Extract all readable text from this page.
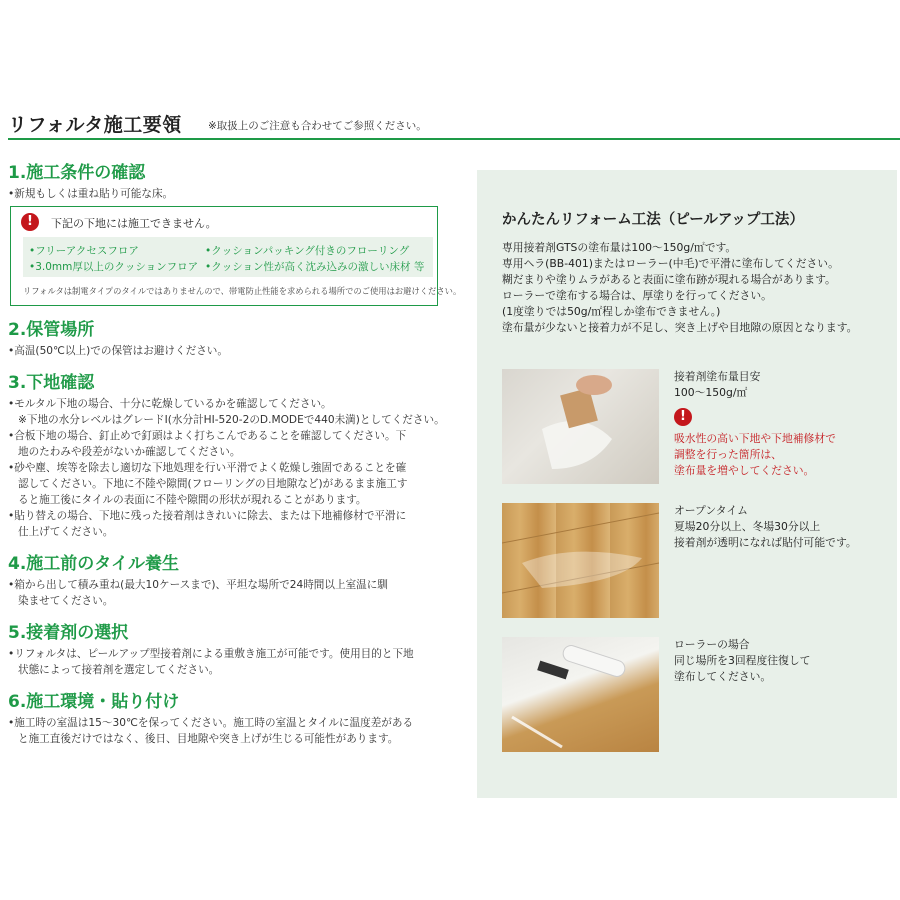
リフォルタ施工要領 ※取扱上のご注意も合わせてご参照ください。
1.施工条件の確認
•新規もしくは重ね貼り可能な床。
!	下記の下地には施工できません。
•フリーアクセスフロア	•クッションパッキング付きのフローリング
•3.0mm厚以上のクッションフロア •クッション性が高く沈み込みの激しい床材 等
リフォルタは制電タイプのタイルではありませんので、帯電防止性能を求められる場所でのご使用はお避けください。
2.保管場所
•高温(50℃以上)での保管はお避けください。
3.下地確認
•モルタル下地の場合、十分に乾燥しているかを確認してください。
※下地の水分レベルはグレードⅠ(水分計HI-520-2のD.MODEで440未満)としてください。
•合板下地の場合、釘止めで釘頭はよく打ちこんであることを確認してください。下
地のたわみや段差がないか確認してください。
•砂や塵、埃等を除去し適切な下地処理を行い平滑でよく乾燥し強固であることを確
認してください。下地に不陸や隙間(フローリングの目地隙など)があるまま施工す
ると施工後にタイルの表面に不陸や隙間の形状が現れることがあります。
•貼り替えの場合、下地に残った接着剤はきれいに除去、または下地補修材で平滑に
仕上げてください。
4.施工前のタイル養生
•箱から出して積み重ね(最大10ケースまで)、平坦な場所で24時間以上室温に馴
染ませてください。
5.接着剤の選択
•リフォルタは、ピールアップ型接着剤による重敷き施工が可能です。使用目的と下地
状態によって接着剤を選定してください。
6.施工環境・貼り付け
•施工時の室温は15～30℃を保ってください。施工時の室温とタイルに温度差がある
と施工直後だけではなく、後日、目地隙や突き上げが生じる可能性があります。
かんたんリフォーム工法（ピールアップ工法）
専用接着剤GTSの塗布量は100～150g/㎡です。
専用ヘラ(BB-401)またはローラー(中毛)で平滑に塗布してください。
糊だまりや塗りムラがあると表面に塗布跡が現れる場合があります。
ローラーで塗布する場合は、厚塗りを行ってください。
(1度塗りでは50g/㎡程しか塗布できません。)
塗布量が少ないと接着力が不足し、突き上げや目地隙の原因となります。
接着剤塗布量目安
100～150g/㎡
!
吸水性の高い下地や下地補修材で
調整を行った箇所は、
塗布量を増やしてください。
オープンタイム
夏場20分以上、冬場30分以上
接着剤が透明になれば貼付可能です。
ローラーの場合
同じ場所を3回程度往復して
塗布してください。
